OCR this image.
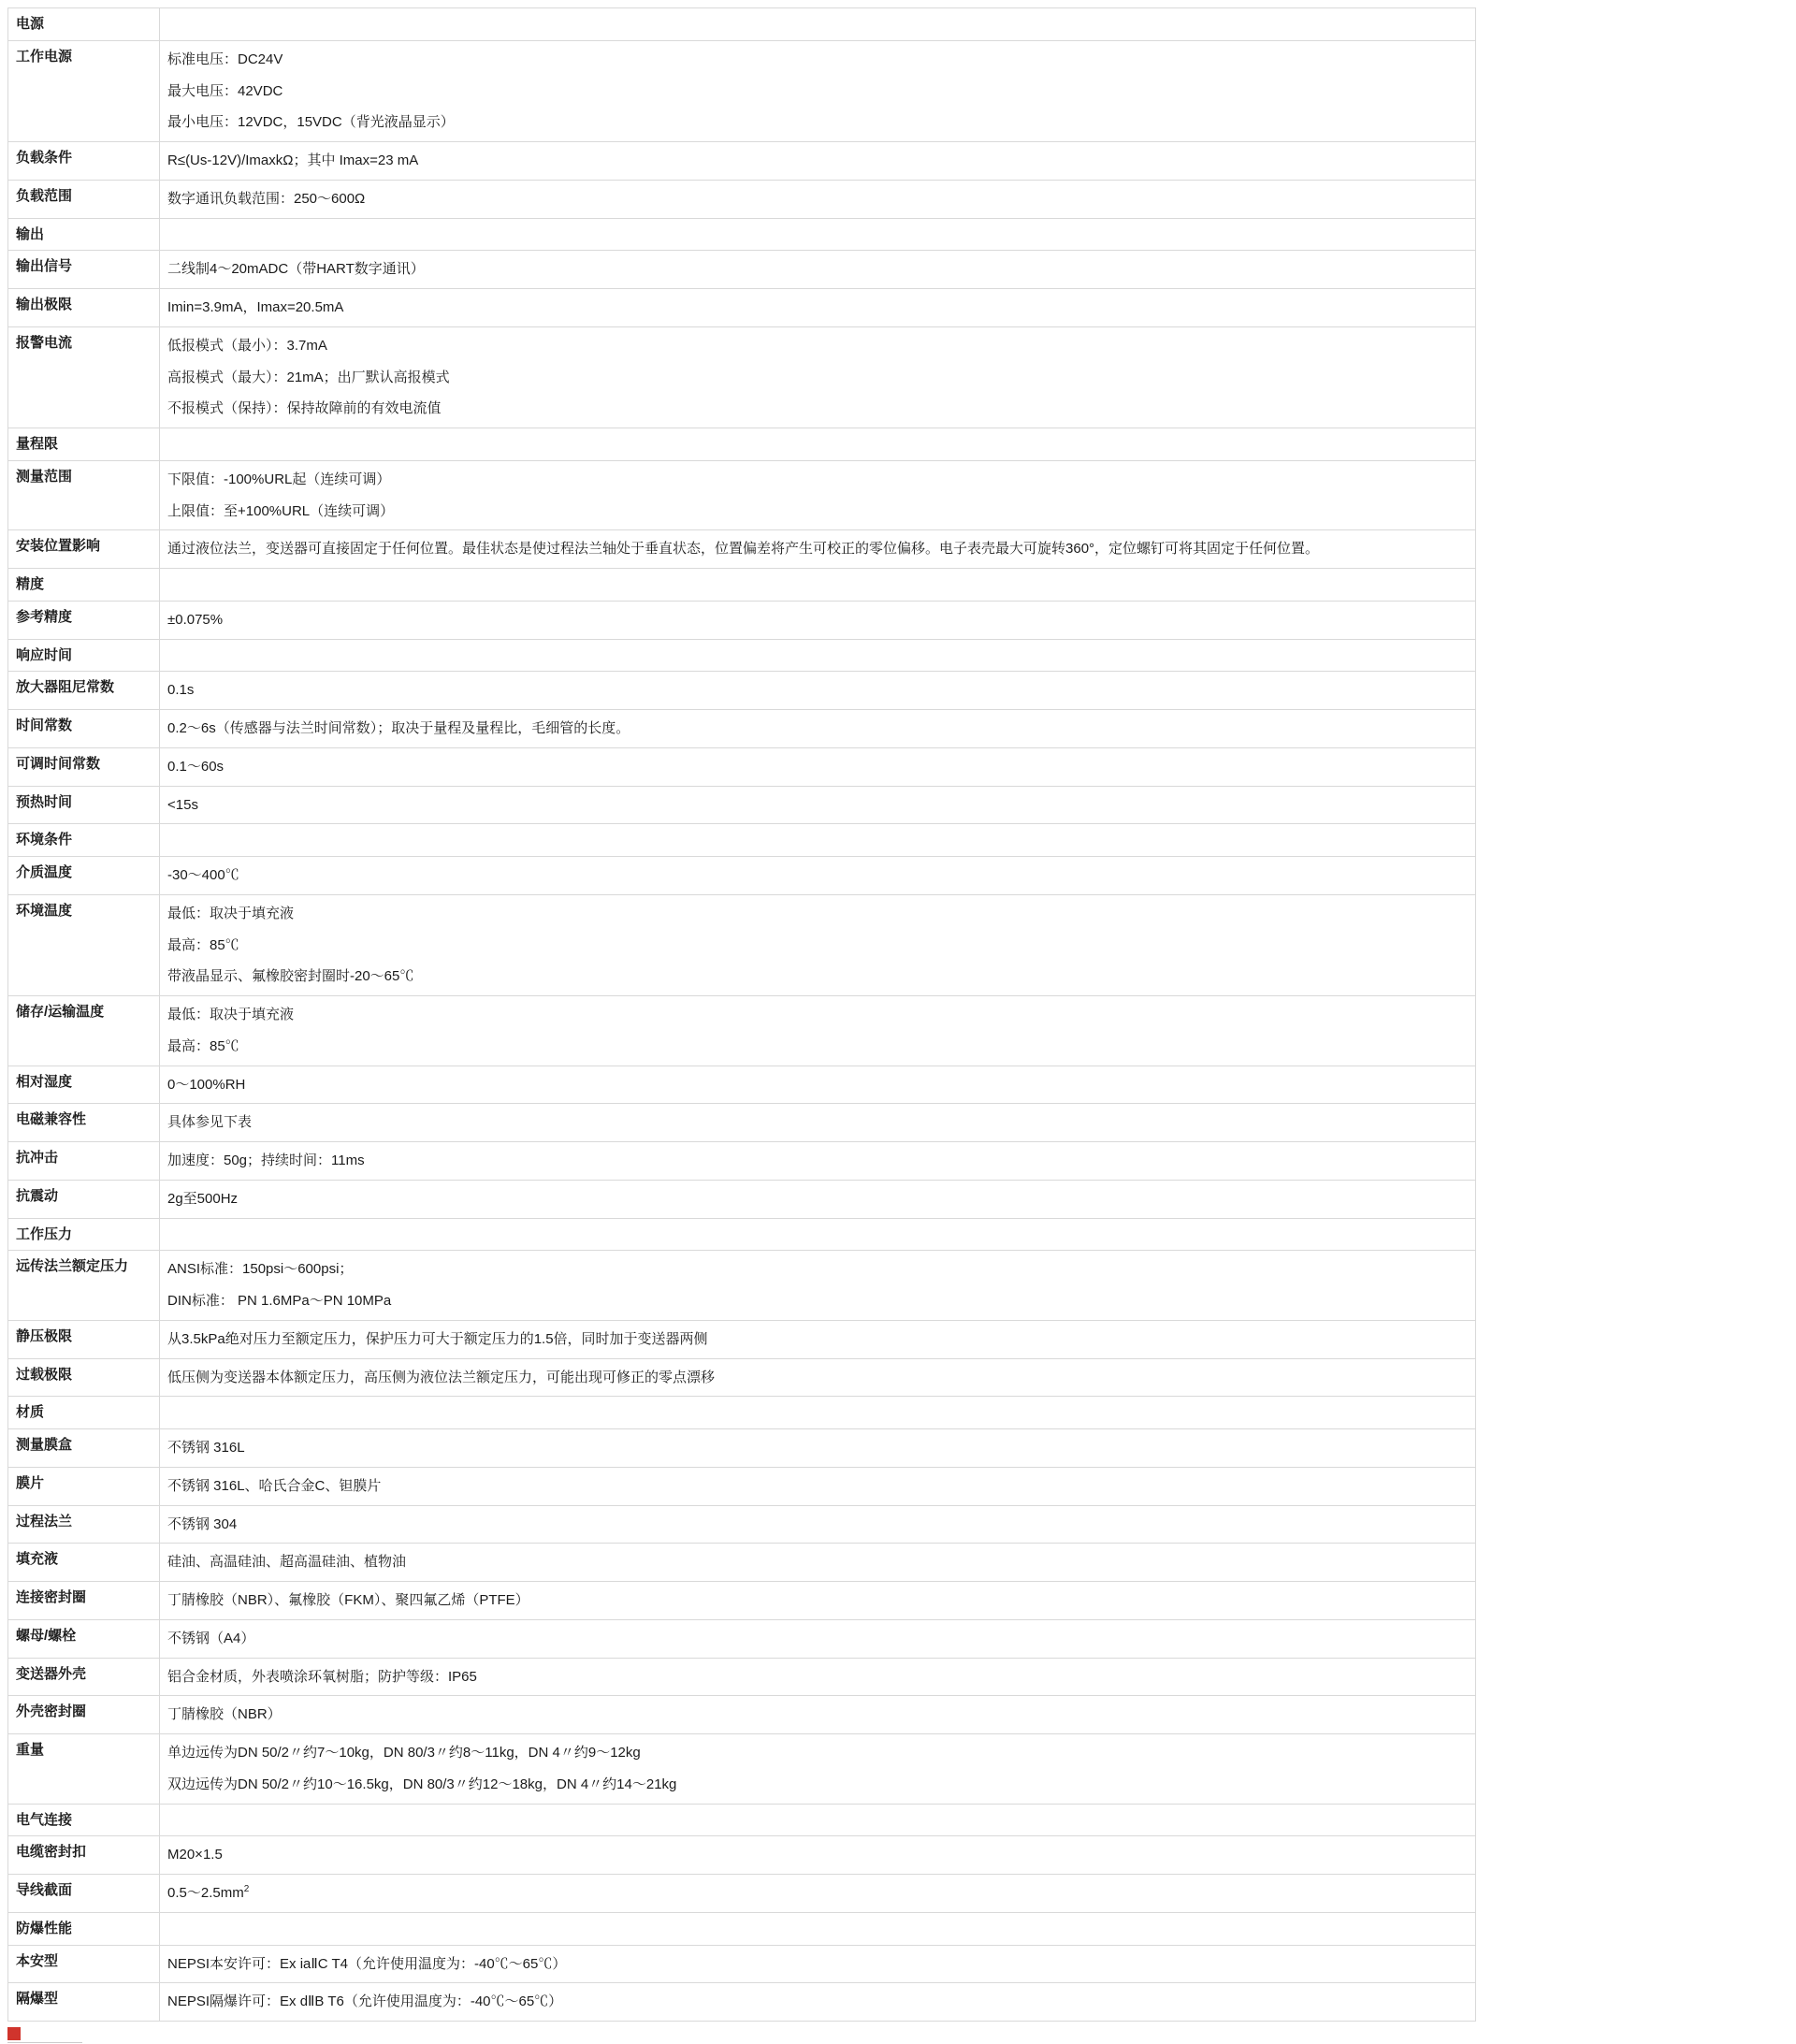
电源	

工作电源	标准电压：DC24V

最大电压：42VDC

最小电压：12VDC，15VDC（背光液晶显示）

负载条件	R≤(Us-12V)/ImaxkΩ；其中 Imax=23 mA

负载范围	数字通讯负载范围：250～600Ω

输出	

输出信号	二线制4～20mADC（带HART数字通讯）

输出极限	Imin=3.9mA，Imax=20.5mA

报警电流	低报模式（最小）：3.7mA

高报模式（最大）：21mA；出厂默认高报模式

不报模式（保持）：保持故障前的有效电流值

量程限	

测量范围	下限值：-100%URL起（连续可调）

上限值：至+100%URL（连续可调）

安装位置影响	通过液位法兰，变送器可直接固定于任何位置。最佳状态是使过程法兰轴处于垂直状态，位置偏差将产生可校正的零位偏移。电子表壳最大可旋转360°，定位螺钉可将其固定于任何位置。

精度	

参考精度	±0.075%

响应时间	

放大器阻尼常数	0.1s

时间常数	0.2～6s（传感器与法兰时间常数）；取决于量程及量程比，毛细管的长度。

可调时间常数	0.1～60s

预热时间	<15s

环境条件	

介质温度	-30～400℃

环境温度	最低：取决于填充液

最高：85℃

带液晶显示、氟橡胶密封圈时-20～65℃

储存/运输温度	最低：取决于填充液

最高：85℃

相对湿度	0～100%RH

电磁兼容性	具体参见下表

抗冲击	加速度：50g；持续时间：11ms

抗震动	2g至500Hz

工作压力	

远传法兰额定压力	ANSI标准：150psi～600psi；

DIN标准： PN 1.6MPa～PN 10MPa

静压极限	从3.5kPa绝对压力至额定压力，保护压力可大于额定压力的1.5倍，同时加于变送器两侧

过载极限	低压侧为变送器本体额定压力，高压侧为液位法兰额定压力，可能出现可修正的零点漂移

材质	

测量膜盒	不锈钢 316L

膜片	不锈钢 316L、哈氏合金C、钽膜片

过程法兰	不锈钢 304

填充液	硅油、高温硅油、超高温硅油、植物油

连接密封圈	丁腈橡胶（NBR）、氟橡胶（FKM）、聚四氟乙烯（PTFE）

螺母/螺栓	不锈钢（A4）

变送器外壳	铝合金材质，外表喷涂环氧树脂；防护等级：IP65

外壳密封圈	丁腈橡胶（NBR）

重量	单边远传为DN 50/2〃约7～10kg，DN 80/3〃约8～11kg，DN 4〃约9～12kg

双边远传为DN 50/2〃约10～16.5kg，DN 80/3〃约12～18kg，DN 4〃约14～21kg

电气连接	

电缆密封扣	M20×1.5

导线截面	$0.5\sim 2.5mm^2$

防爆性能	

本安型	NEPSI本安许可：Ex iaⅡC T4（允许使用温度为：-40℃～65℃）

隔爆型	NEPSI隔爆许可：Ex dⅡB T6（允许使用温度为：-40℃～65℃）
